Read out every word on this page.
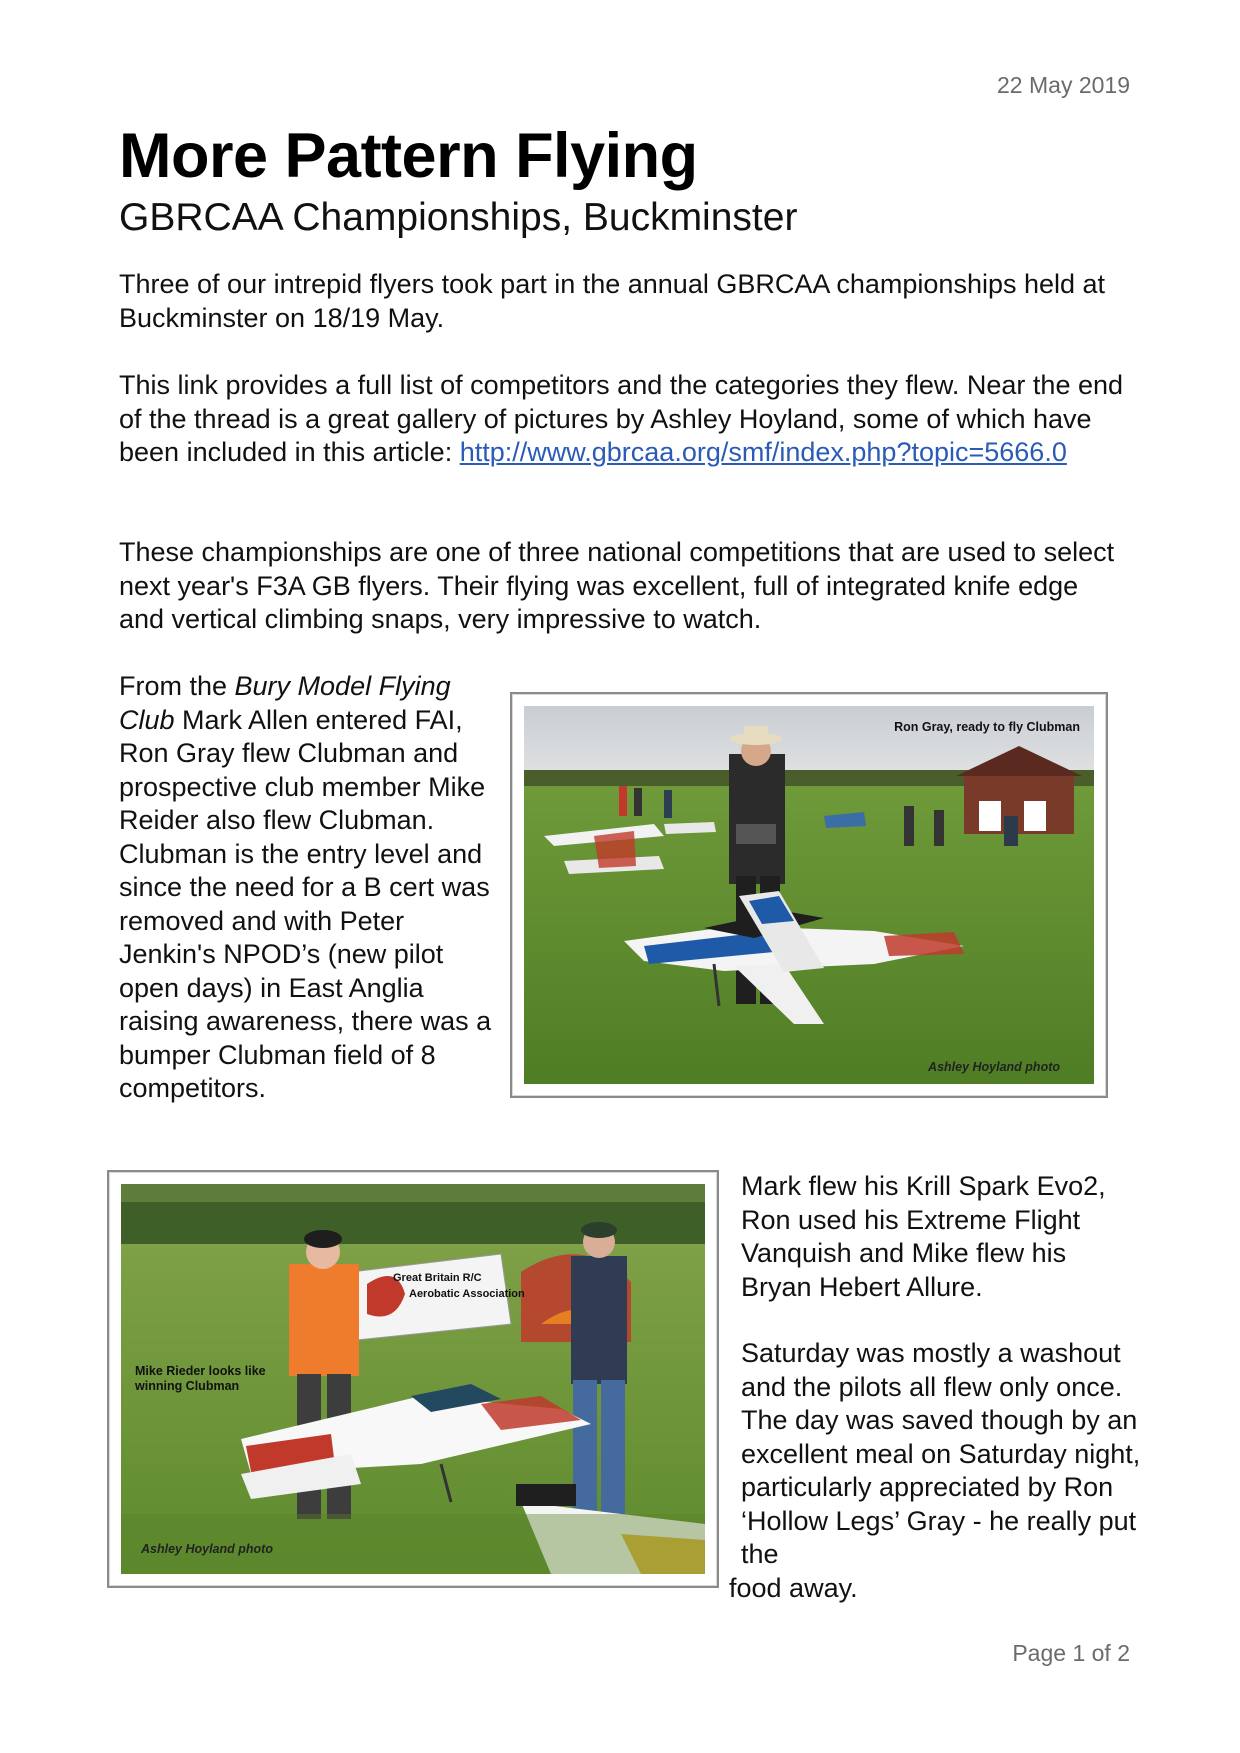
22 May 2019
More Pattern Flying
GBRCAA Championships, Buckminster

Three of our intrepid flyers took part in the annual GBRCAA championships held at Buckminster on 18/19 May.

This link provides a full list of competitors and the categories they flew. Near the end of the thread is a great gallery of pictures by Ashley Hoyland, some of which have been included in this article: http://www.gbrcaa.org/smf/index.php?topic=5666.0

These championships are one of three national competitions that are used to select next year's F3A GB flyers. Their flying was excellent, full of integrated knife edge and vertical climbing snaps, very impressive to watch.

From the Bury Model Flying Club Mark Allen entered FAI, Ron Gray flew Clubman and prospective club member Mike Reider also flew Clubman. Clubman is the entry level and since the need for a B cert was removed and with Peter Jenkin's NPOD’s (new pilot open days) in East Anglia raising awareness, there was a bumper Clubman field of 8 competitors.

Ron Gray, ready to fly Clubman
Ashley Hoyland photo
Great Britain R/C
Aerobatic Association
Mike Rieder looks like
winning Clubman
Ashley Hoyland photo

Mark flew his Krill Spark Evo2, Ron used his Extreme Flight Vanquish and Mike flew his Bryan Hebert Allure.

Saturday was mostly a washout and the pilots all flew only once. The day was saved though by an excellent meal on Saturday night, particularly appreciated by Ron ‘Hollow Legs’ Gray - he really put the
food away.

Page 1 of 2
